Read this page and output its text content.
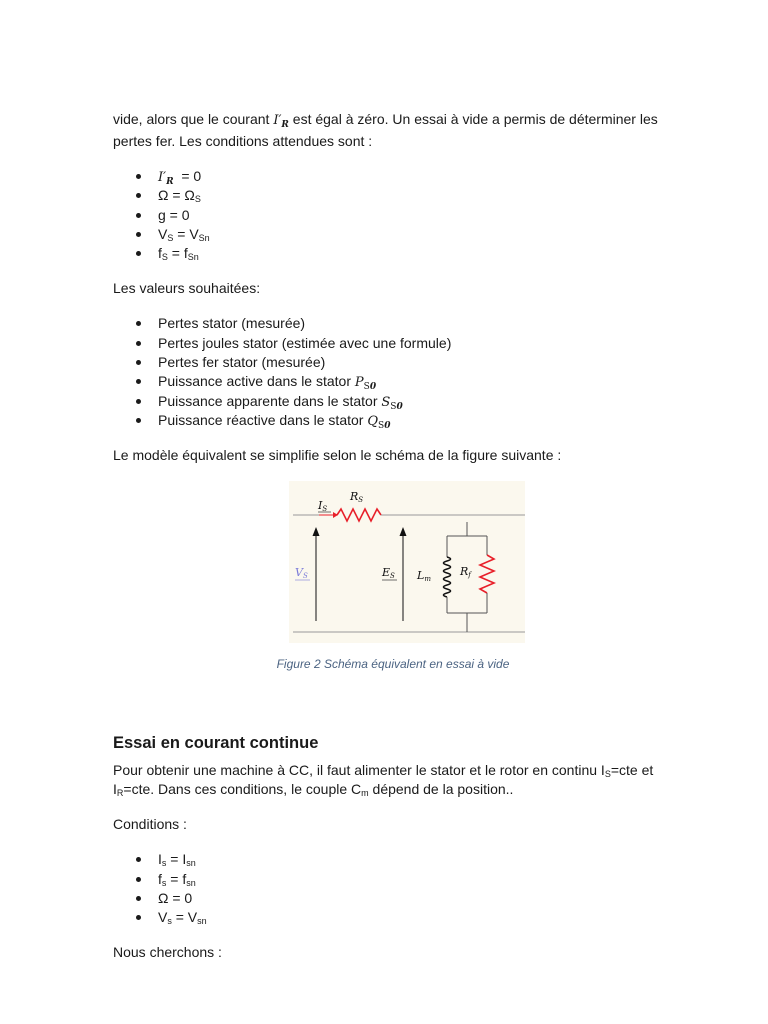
vide, alors que le courant $I'_R$ est égal à zéro. Un essai à vide a permis de déterminer les pertes fer. Les conditions attendues sont :

$I'_R = 0$
$\Omega = \Omega_S$
g = 0
$V_S = V_{Sn}$
$f_S = f_{Sn}$

Les valeurs souhaitées:

Pertes stator (mesurée)
Pertes joules stator (estimée avec une formule)
Pertes fer stator (mesurée)
Puissance active dans le stator $P_{S0}$
Puissance apparente dans le stator $S_{S0}$
Puissance réactive dans le stator $Q_{S0}$

Le modèle équivalent se simplifie selon le schéma de la figure suivante :

IS
RS
VS	ES Lm
Rf
Figure 2 Schéma équivalent en essai à vide
Essai en courant continue

Pour obtenir une machine à CC, il faut alimenter le stator et le rotor en continu $I_S=cte$ et $I_R=cte$. Dans ces conditions, le couple $C_m$ dépend de la position..

Conditions :

$I_s = I_{sn}$
$f_s = f_{sn}$
Ω = 0
$V_s = V_{sn}$

Nous cherchons :
